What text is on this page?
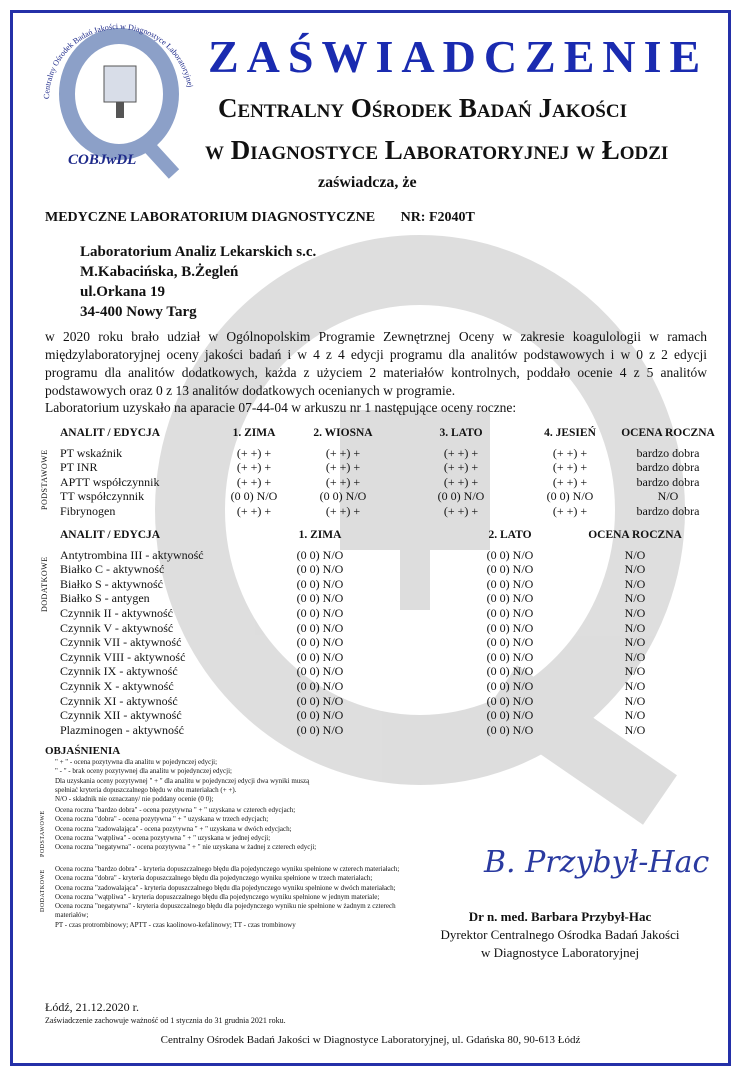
Centralny Ośrodek Badań Jakości w Diagnostyce Laboratoryjnej
COBJwDL
ZAŚWIADCZENIE
Centralny Ośrodek Badań Jakości
w Diagnostyce Laboratoryjnej w Łodzi
zaświadcza, że
MEDYCZNE LABORATORIUM DIAGNOSTYCZNE NR: F2040T
Laboratorium Analiz Lekarskich s.c.
M.Kabacińska, B.Żegleń
ul.Orkana 19
34-400 Nowy Targ
w 2020 roku brało udział w Ogólnopolskim Programie Zewnętrznej Oceny w zakresie koagulologii w ramach międzylaboratoryjnej oceny jakości badań i w 4 z 4 edycji programu dla analitów podstawowych i w 0 z 2 edycji programu dla analitów dodatkowych, każda z użyciem 2 materiałów kontrolnych, poddało ocenie 4 z 5 analitów podstawowych oraz 0 z 13 analitów dodatkowych ocenianych w programie.
Laboratorium uzyskało na aparacie 07-44-04 w arkuszu nr 1 następujące oceny roczne:
PODSTAWOWE
ANALIT / EDYCJA	1. ZIMA	2. WIOSNA	3. LATO	4. JESIEŃ OCENA ROCZNA
PT wskaźnik	(+ +) +	(+ +) +	(+ +) +	(+ +) +	bardzo dobra
PT INR	(+ +) +	(+ +) +	(+ +) +	(+ +) +	bardzo dobra
APTT współczynnik	(+ +) +	(+ +) +	(+ +) +	(+ +) +	bardzo dobra
TT współczynnik	(0 0) N/O	(0 0) N/O	(0 0) N/O	(0 0) N/O	N/O
Fibrynogen	(+ +) +	(+ +) +	(+ +) +	(+ +) +	bardzo dobra
DODATKOWE
ANALIT / EDYCJA	1. ZIMA	2. LATO	OCENA ROCZNA
Antytrombina III - aktywność	(0 0) N/O	(0 0) N/O	N/O
Białko C - aktywność	(0 0) N/O	(0 0) N/O	N/O
Białko S - aktywność	(0 0) N/O	(0 0) N/O	N/O
Białko S - antygen	(0 0) N/O	(0 0) N/O	N/O
Czynnik II - aktywność	(0 0) N/O	(0 0) N/O	N/O
Czynnik V - aktywność	(0 0) N/O	(0 0) N/O	N/O
Czynnik VII - aktywność	(0 0) N/O	(0 0) N/O	N/O
Czynnik VIII - aktywność	(0 0) N/O	(0 0) N/O	N/O
Czynnik IX - aktywność	(0 0) N/O	(0 0) N/O	N/O
Czynnik X - aktywność	(0 0) N/O	(0 0) N/O	N/O
Czynnik XI - aktywność	(0 0) N/O	(0 0) N/O	N/O
Czynnik XII - aktywność	(0 0) N/O	(0 0) N/O	N/O
Plazminogen - aktywność	(0 0) N/O	(0 0) N/O	N/O
OBJAŚNIENIA
" + " - ocena pozytywna dla analitu w pojedynczej edycji;
" - " - brak oceny pozytywnej dla analitu w pojedynczej edycji;
Dla uzyskania oceny pozytywnej " + " dla analitu w pojedynczej edycji dwa wyniki muszą
spełniać kryteria dopuszczalnego błędu w obu materiałach (+ +).
N/O - składnik nie oznaczany/ nie poddany ocenie (0 0);
PODSTAWOWE
Ocena roczna "bardzo dobra" - ocena pozytywna " + " uzyskana w czterech edycjach;
Ocena roczna "dobra" - ocena pozytywna " + " uzyskana w trzech edycjach;
Ocena roczna "zadowalająca" - ocena pozytywna " + " uzyskana w dwóch edycjach;
Ocena roczna "wątpliwa" - ocena pozytywna " + " uzyskana w jednej edycji;
Ocena roczna "negatywna" - ocena pozytywna " + " nie uzyskana w żadnej z czterech edycji;
DODATKOWE
Ocena roczna "bardzo dobra" - kryteria dopuszczalnego błędu dla pojedynczego wyniku spełnione w czterech materiałach;
Ocena roczna "dobra" - kryteria dopuszczalnego błędu dla pojedynczego wyniku spełnione w trzech materiałach;
Ocena roczna "zadowalająca" - kryteria dopuszczalnego błędu dla pojedynczego wyniku spełnione w dwóch materiałach;
Ocena roczna "wątpliwa" - kryteria dopuszczalnego błędu dla pojedynczego wyniku spełnione w jednym materiale;
Ocena roczna "negatywna" - kryteria dopuszczalnego błędu dla pojedynczego wyniku nie spełnione w żadnym z czterech
materiałów;
PT - czas protrombinowy; APTT - czas kaolinowo-kefalinowy; TT - czas trombinowy
B. Przybył-Hac
Dr n. med. Barbara Przybył-Hac
Dyrektor Centralnego Ośrodka Badań Jakości
w Diagnostyce Laboratoryjnej
Łódź, 21.12.2020 r.
Zaświadczenie zachowuje ważność od 1 stycznia do 31 grudnia 2021 roku.
Centralny Ośrodek Badań Jakości w Diagnostyce Laboratoryjnej, ul. Gdańska 80, 90-613 Łódź
